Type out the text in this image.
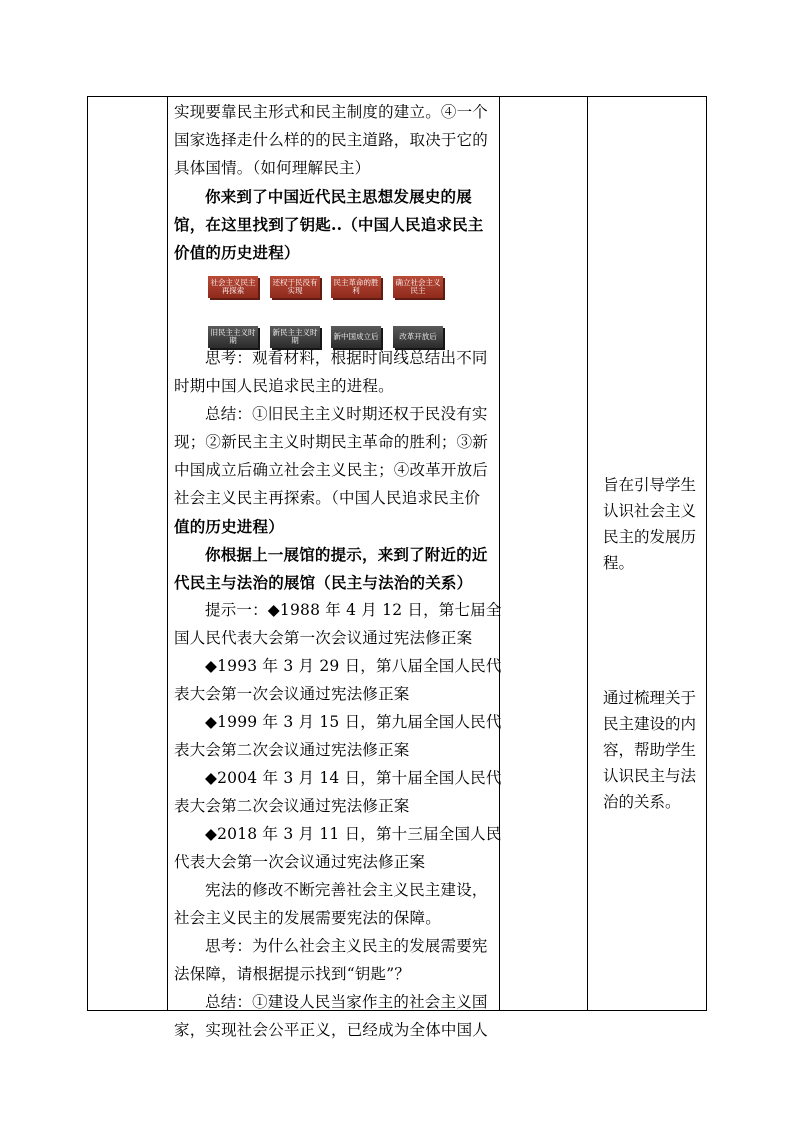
实现要靠民主形式和民主制度的建立。④一个
国家选择走什么样的的民主道路，取决于它的
具体国情。（如何理解民主）
你来到了中国近代民主思想发展史的展
馆，在这里找到了钥匙..（中国人民追求民主
价值的历史进程）
社会主义民主再探索
还权于民没有实现
民主革命的胜利
确立社会主义民主
旧民主主义时期
新民主主义时期	新中国成立后	改革开放后
思考：观看材料，根据时间线总结出不同
时期中国人民追求民主的进程。
总结：①旧民主主义时期还权于民没有实
现；②新民主主义时期民主革命的胜利；③新
中国成立后确立社会主义民主；④改革开放后
社会主义民主再探索。（中国人民追求民主价
值的历史进程）
你根据上一展馆的提示，来到了附近的近
代民主与法治的展馆（民主与法治的关系）
提示一：◆1988 年 4 月 12 日，第七届全
国人民代表大会第一次会议通过宪法修正案
◆1993 年 3 月 29 日，第八届全国人民代
表大会第一次会议通过宪法修正案
◆1999 年 3 月 15 日，第九届全国人民代
表大会第二次会议通过宪法修正案
◆2004 年 3 月 14 日，第十届全国人民代
表大会第二次会议通过宪法修正案
◆2018 年 3 月 11 日，第十三届全国人民
代表大会第一次会议通过宪法修正案
宪法的修改不断完善社会主义民主建设，
社会主义民主的发展需要宪法的保障。
思考：为什么社会主义民主的发展需要宪
法保障，请根据提示找到“钥匙”？
总结：①建设人民当家作主的社会主义国
家，实现社会公平正义，已经成为全体中国人
旨在引导学生
认识社会主义
民主的发展历
程。
通过梳理关于
民主建设的内
容，帮助学生
认识民主与法
治的关系。
